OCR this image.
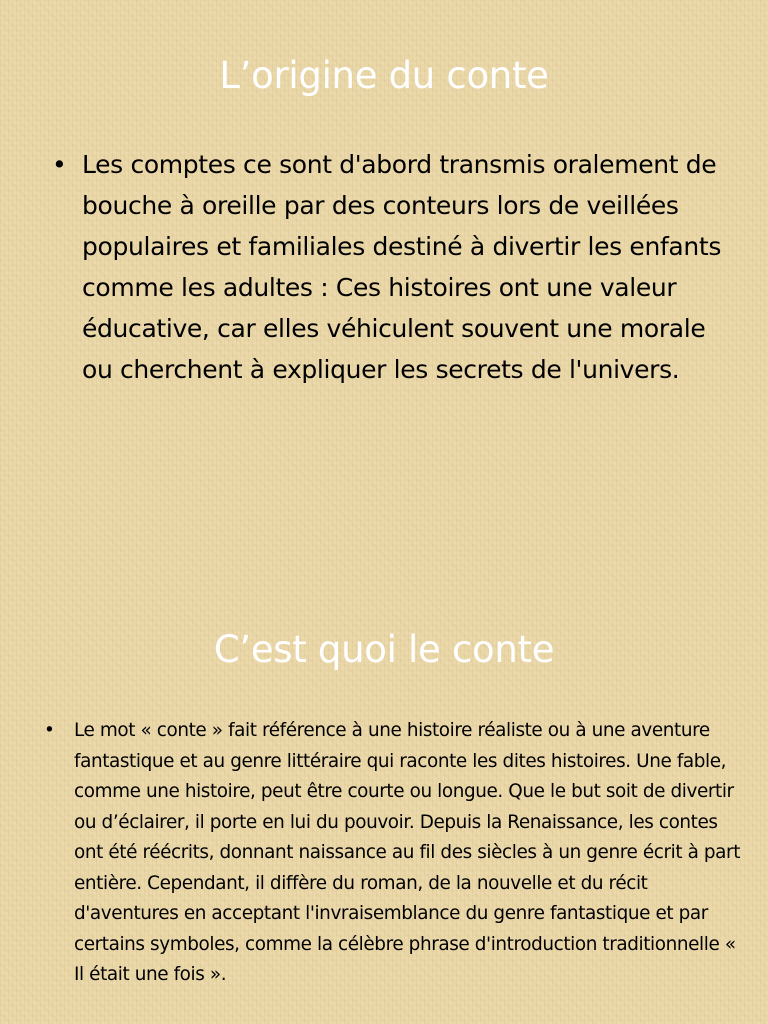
L’origine du conte
• Les comptes ce sont d'abord transmis oralement de bouche à oreille par des conteurs lors de veillées populaires et familiales destiné à divertir les enfants comme les adultes : Ces histoires ont une valeur éducative, car elles véhiculent souvent une morale ou cherchent à expliquer les secrets de l'univers.
C’est quoi le conte
• Le mot « conte » fait référence à une histoire réaliste ou à une aventure fantastique et au genre littéraire qui raconte les dites histoires. Une fable, comme une histoire, peut être courte ou longue. Que le but soit de divertir ou d’éclairer, il porte en lui du pouvoir. Depuis la Renaissance, les contes ont été réécrits, donnant naissance au fil des siècles à un genre écrit à part entière. Cependant, il diffère du roman, de la nouvelle et du récit d'aventures en acceptant l'invraisemblance du genre fantastique et par certains symboles, comme la célèbre phrase d'introduction traditionnelle « Il était une fois ».
